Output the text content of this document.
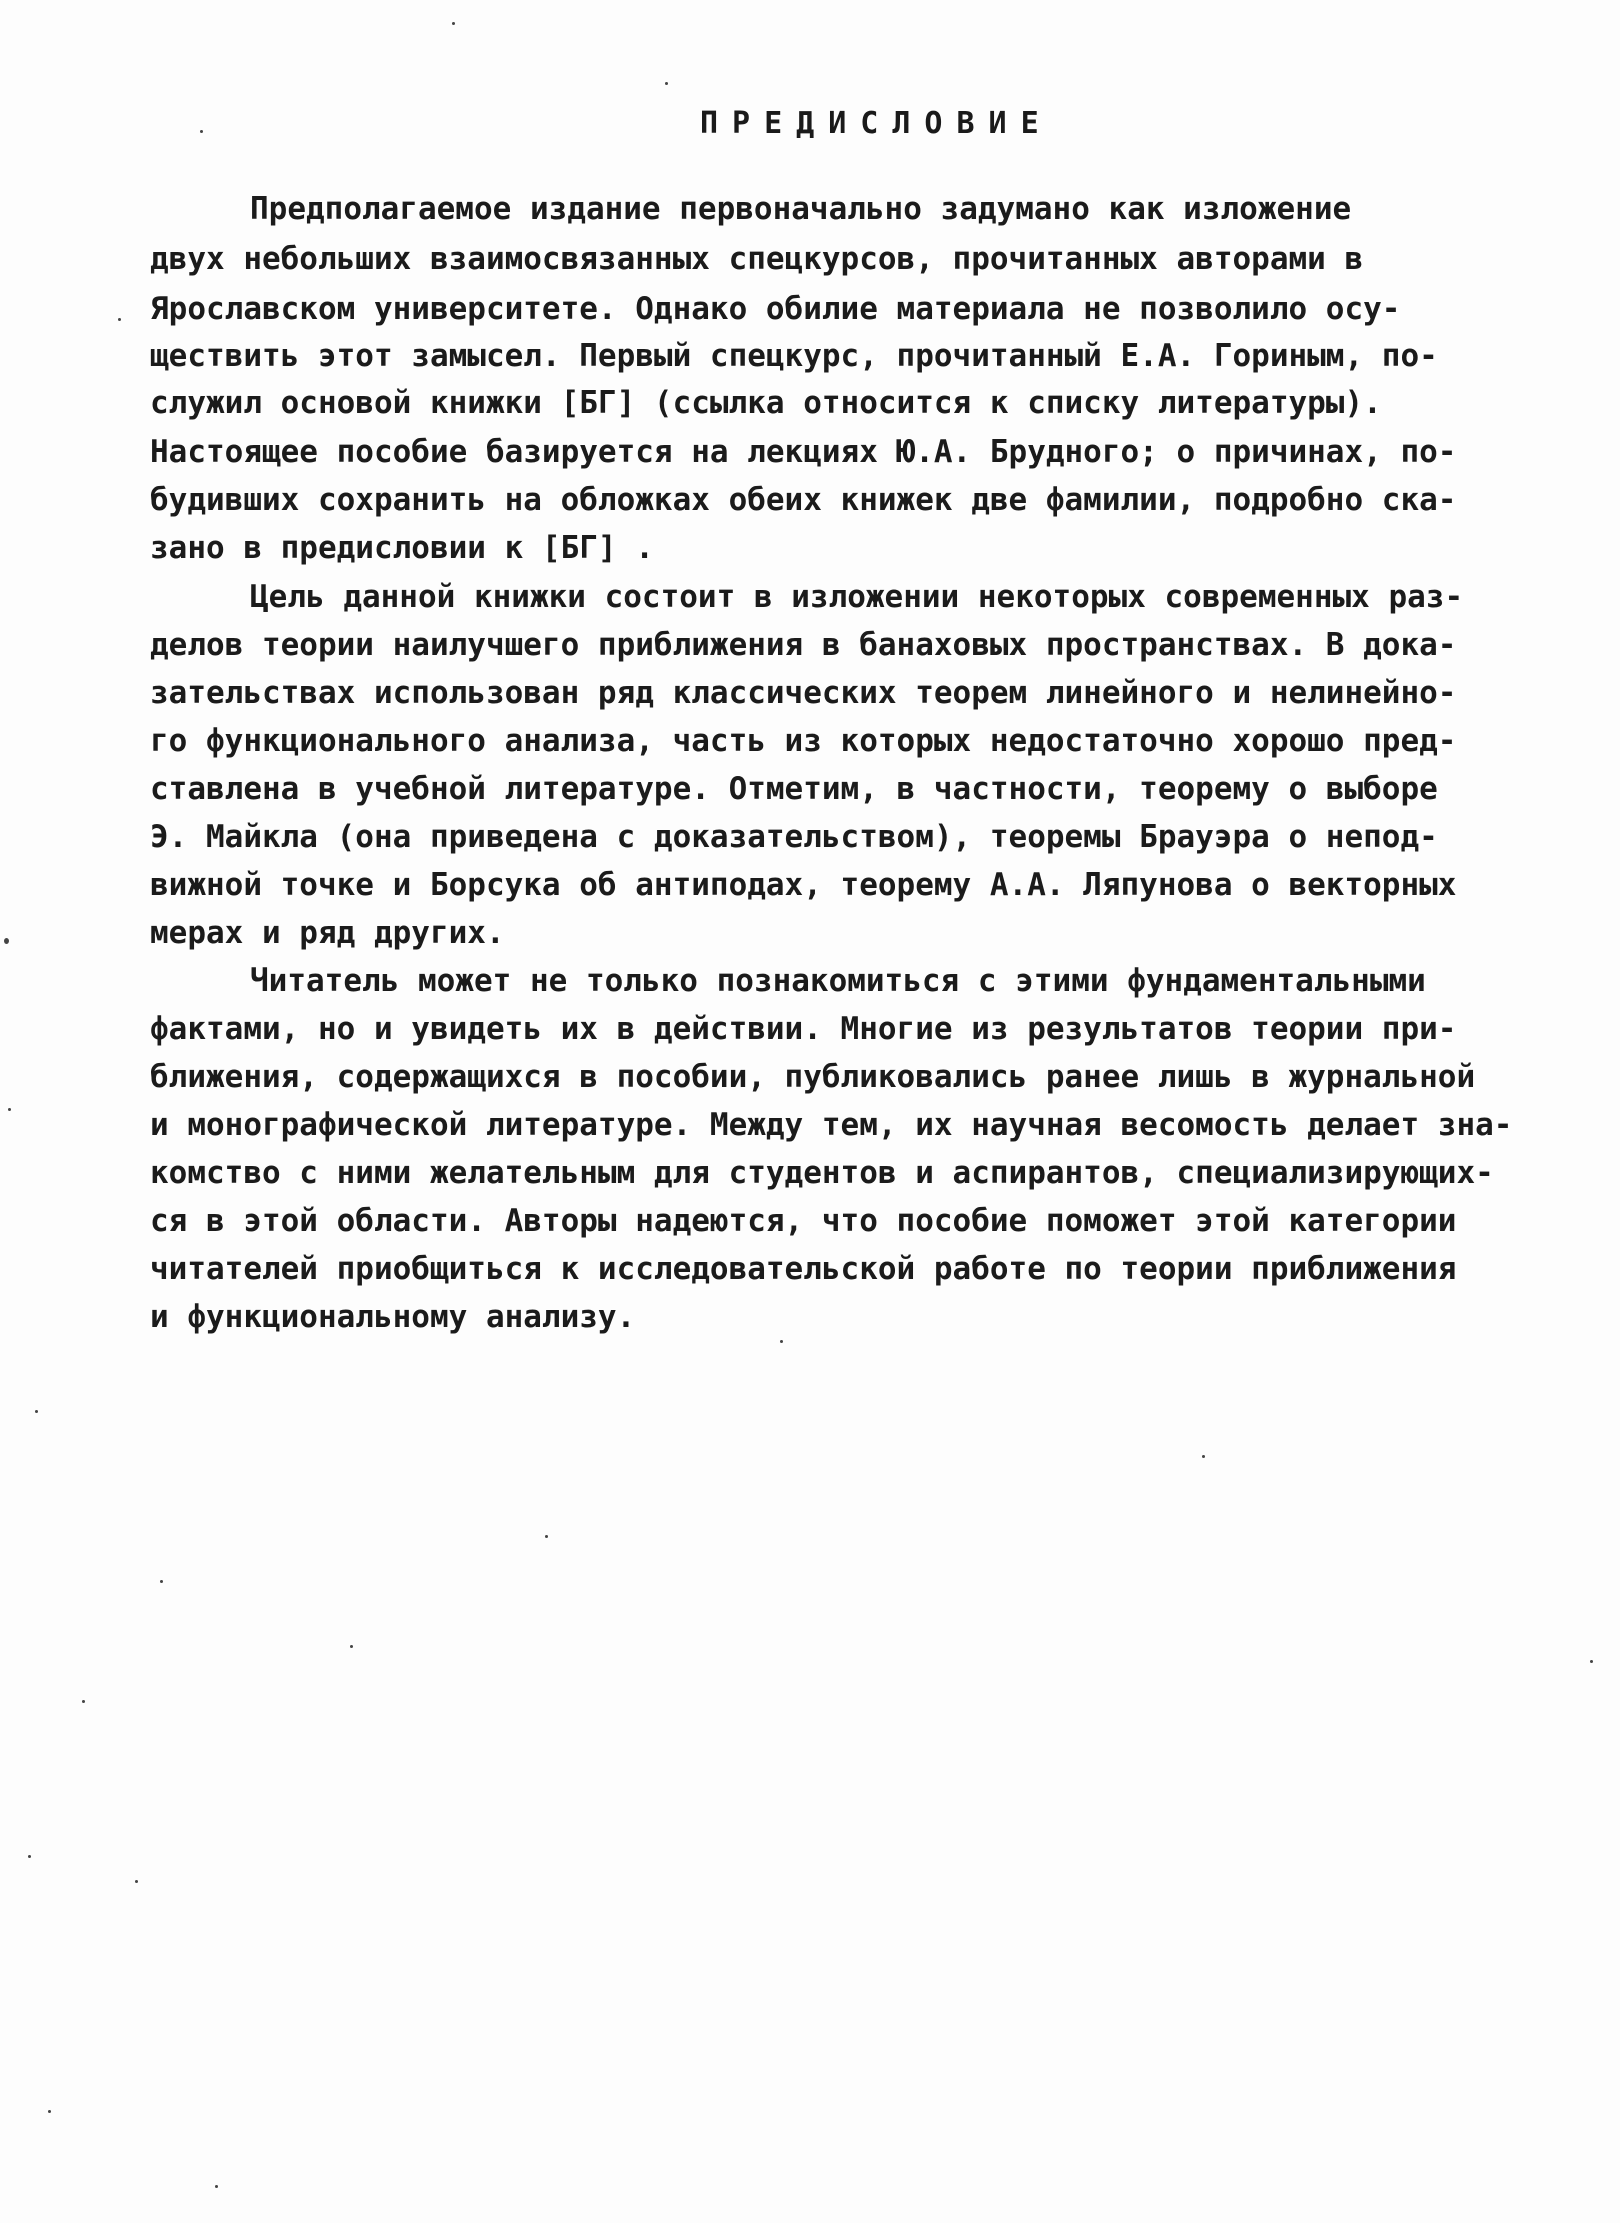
ПРЕДИСЛОВИЕ
Предполагаемое издание первоначально задумано как изложение
двух небольших взаимосвязанных спецкурсов, прочитанных авторами в
Ярославском университете. Однако обилие материала не позволило осу-
ществить этот замысел. Первый спецкурс, прочитанный Е.А. Гориным, по-
служил основой книжки [БГ] (ссылка относится к списку литературы).
Настоящее пособие базируется на лекциях Ю.А. Брудного; о причинах, по-
будивших сохранить на обложках обеих книжек две фамилии, подробно ска-
зано в предисловии к [БГ] .
Цель данной книжки состоит в изложении некоторых современных раз-
делов теории наилучшего приближения в банаховых пространствах. В дока-
зательствах использован ряд классических теорем линейного и нелинейно-
го функционального анализа, часть из которых недостаточно хорошо пред-
ставлена в учебной литературе. Отметим, в частности, теорему о выборе
Э. Майкла (она приведена с доказательством), теоремы Брауэра о непод-
вижной точке и Борсука об антиподах, теорему А.А. Ляпунова о векторных
мерах и ряд других.
Читатель может не только познакомиться с этими фундаментальными
фактами, но и увидеть их в действии. Многие из результатов теории при-
ближения, содержащихся в пособии, публиковались ранее лишь в журнальной
и монографической литературе. Между тем, их научная весомость делает зна-
комство с ними желательным для студентов и аспирантов, специализирующих-
ся в этой области. Авторы надеются, что пособие поможет этой категории
читателей приобщиться к исследовательской работе по теории приближения
и функциональному анализу.
